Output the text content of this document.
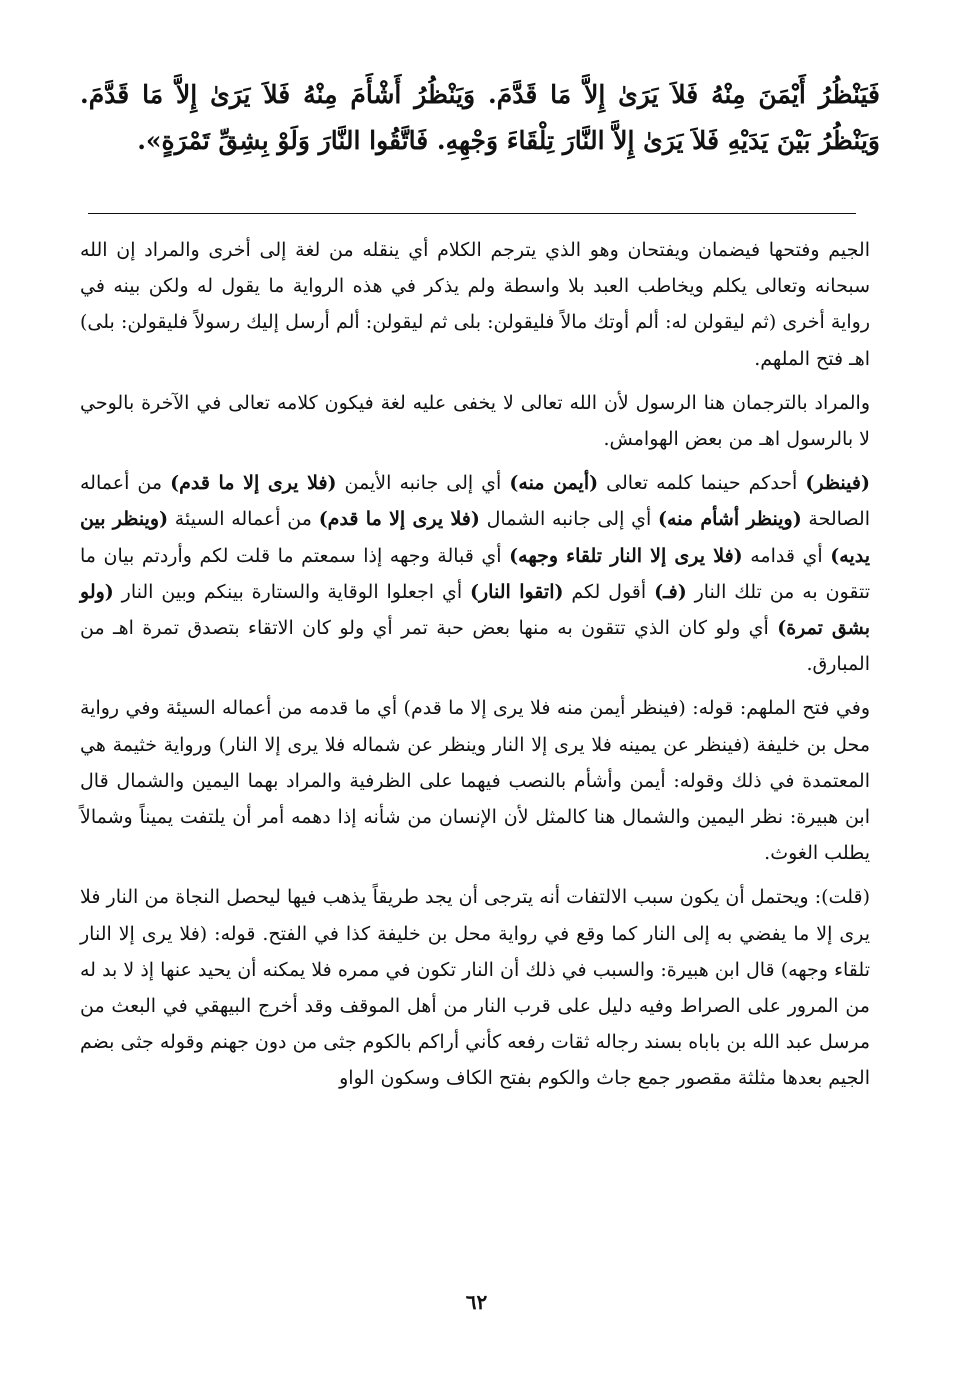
فَيَنْظُرُ أَيْمَنَ مِنْهُ فَلاَ يَرَىٰ إِلاَّ مَا قَدَّمَ. وَيَنْظُرُ أَشْأَمَ مِنْهُ فَلاَ يَرَىٰ إِلاَّ مَا قَدَّمَ. وَيَنْظُرُ بَيْنَ يَدَيْهِ فَلاَ يَرَىٰ إِلاَّ النَّارَ تِلْقَاءَ وَجْهِهِ. فَاتَّقُوا النَّارَ وَلَوْ بِشِقِّ تَمْرَةٍ».

الجيم وفتحها فيضمان ويفتحان وهو الذي يترجم الكلام أي ينقله من لغة إلى أخرى والمراد إن الله سبحانه وتعالى يكلم ويخاطب العبد بلا واسطة ولم يذكر في هذه الرواية ما يقول له ولكن بينه في رواية أخرى (ثم ليقولن له: ألم أوتك مالاً فليقولن: بلى ثم ليقولن: ألم أرسل إليك رسولاً فليقولن: بلى) اهـ فتح الملهم.

والمراد بالترجمان هنا الرسول لأن الله تعالى لا يخفى عليه لغة فيكون كلامه تعالى في الآخرة بالوحي لا بالرسول اهـ من بعض الهوامش.

(فينظر) أحدكم حينما كلمه تعالى (أيمن منه) أي إلى جانبه الأيمن (فلا يرى إلا ما قدم) من أعماله الصالحة (وينظر أشأم منه) أي إلى جانبه الشمال (فلا يرى إلا ما قدم) من أعماله السيئة (وينظر بين يديه) أي قدامه (فلا يرى إلا النار تلقاء وجهه) أي قبالة وجهه إذا سمعتم ما قلت لكم وأردتم بيان ما تتقون به من تلك النار (فـ) أقول لكم (اتقوا النار) أي اجعلوا الوقاية والستارة بينكم وبين النار (ولو بشق تمرة) أي ولو كان الذي تتقون به منها بعض حبة تمر أي ولو كان الاتقاء بتصدق تمرة اهـ من المبارق.

وفي فتح الملهم: قوله: (فينظر أيمن منه فلا يرى إلا ما قدم) أي ما قدمه من أعماله السيئة وفي رواية محل بن خليفة (فينظر عن يمينه فلا يرى إلا النار وينظر عن شماله فلا يرى إلا النار) ورواية خثيمة هي المعتمدة في ذلك وقوله: أيمن وأشأم بالنصب فيهما على الظرفية والمراد بهما اليمين والشمال قال ابن هبيرة: نظر اليمين والشمال هنا كالمثل لأن الإنسان من شأنه إذا دهمه أمر أن يلتفت يميناً وشمالاً يطلب الغوث.

(قلت): ويحتمل أن يكون سبب الالتفات أنه يترجى أن يجد طريقاً يذهب فيها ليحصل النجاة من النار فلا يرى إلا ما يفضي به إلى النار كما وقع في رواية محل بن خليفة كذا في الفتح. قوله: (فلا يرى إلا النار تلقاء وجهه) قال ابن هبيرة: والسبب في ذلك أن النار تكون في ممره فلا يمكنه أن يحيد عنها إذ لا بد له من المرور على الصراط وفيه دليل على قرب النار من أهل الموقف وقد أخرج البيهقي في البعث من مرسل عبد الله بن باباه بسند رجاله ثقات رفعه كأني أراكم بالكوم جثى من دون جهنم وقوله جثى بضم الجيم بعدها مثلثة مقصور جمع جاث والكوم بفتح الكاف وسكون الواو

٦٢
